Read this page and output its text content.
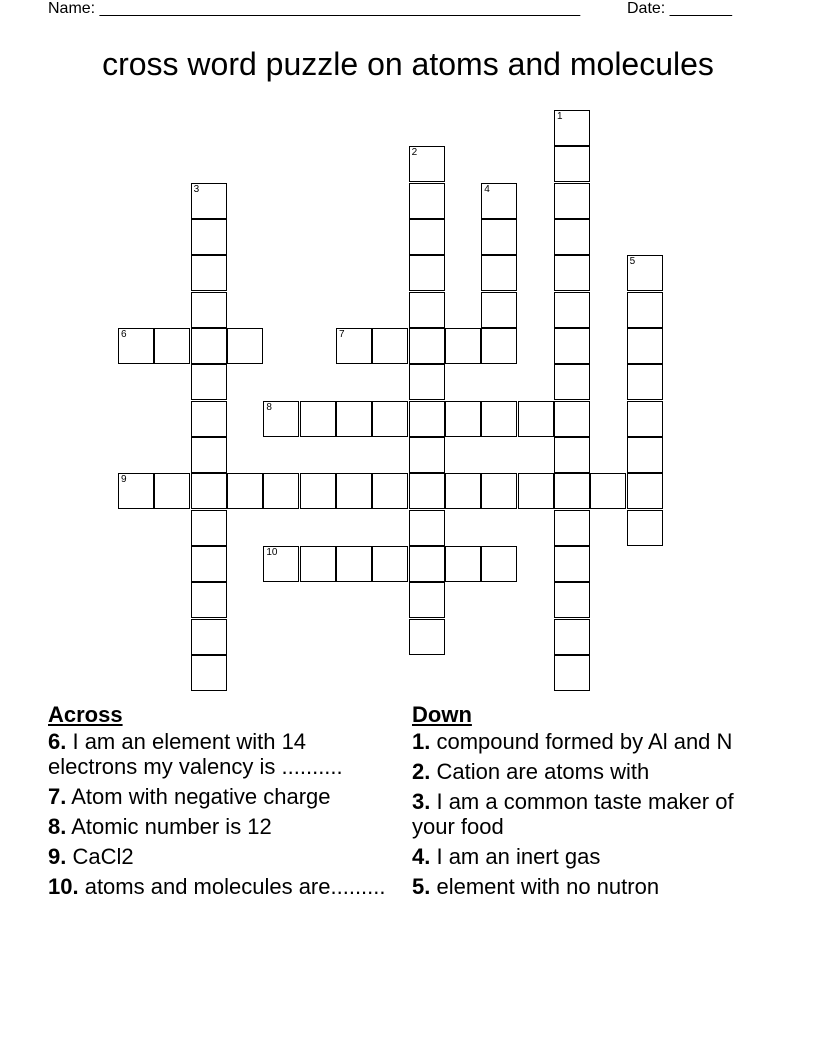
Name: ______________________________________________________	Date: _______
cross word puzzle on atoms and molecules
1
2
3	4
5
6	7
8
9
10
Across
6. I am an element with 14 electrons my valency is ..........
7. Atom with negative charge
8. Atomic number is 12
9. CaCl2
10. atoms and molecules are.........
Down
1. compound formed by Al and N
2. Cation are atoms with
3. I am a common taste maker of your food
4. I am an inert gas
5. element with no nutron
